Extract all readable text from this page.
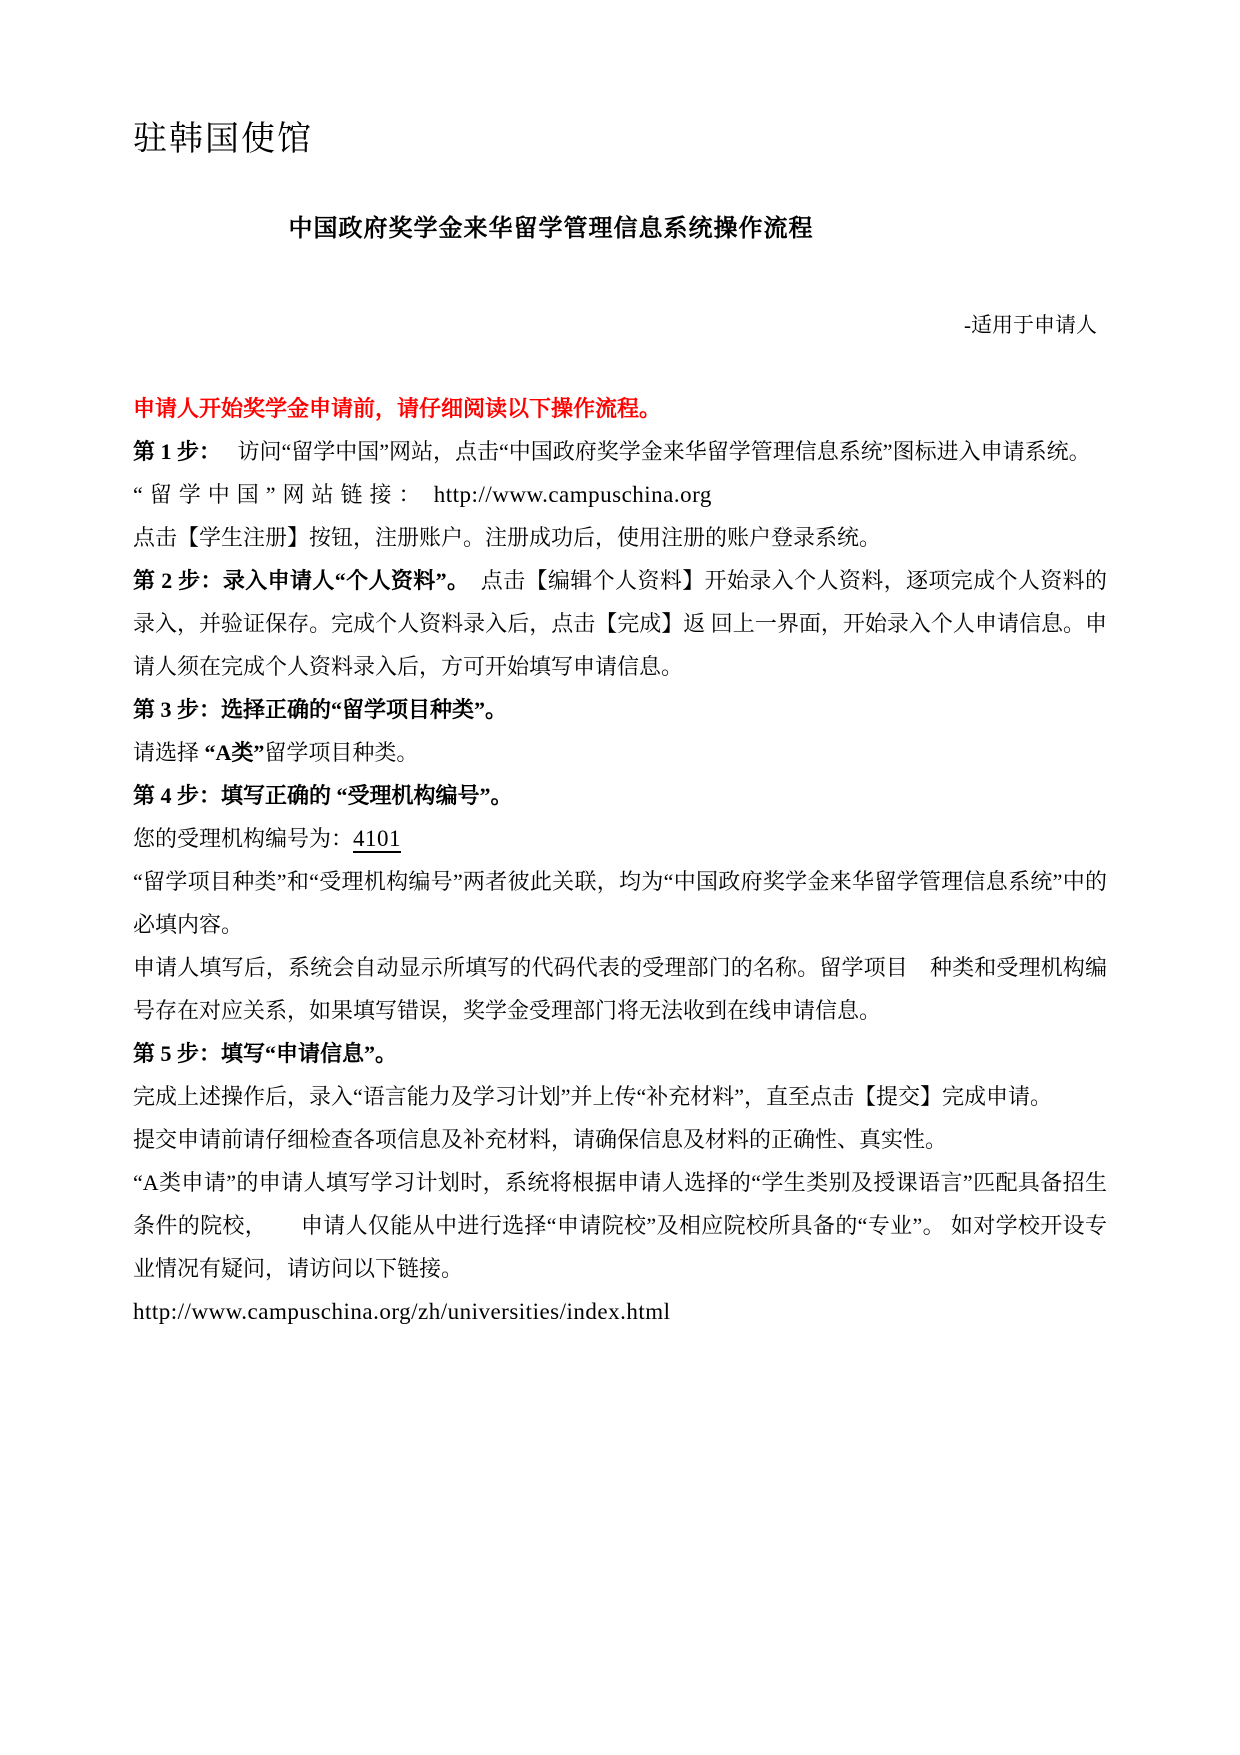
驻韩国使馆
中国政府奖学金来华留学管理信息系统操作流程
-适用于申请人
申请人开始奖学金申请前，请仔细阅读以下操作流程。

第 1 步：　 访问“留学中国”网站，点击“中国政府奖学金来华留学管理信息系统”图标进入申请系统。

“留学中国”网站链接： http://www.campuschina.org

点击【学生注册】按钮，注册账户。注册成功后，使用注册的账户登录系统。

第 2 步：录入申请人“个人资料”。　点击【编辑个人资料】开始录入个人资料，逐项完成个人资料的录入，并验证保存。完成个人资料录入后，点击【完成】返 回上一界面，开始录入个人申请信息。申请人须在完成个人资料录入后，方可开始填写申请信息。

第 3 步：选择正确的“留学项目种类”。

请选择 “A类”留学项目种类。

第 4 步：填写正确的 “受理机构编号”。

您的受理机构编号为：4101

“留学项目种类”和“受理机构编号”两者彼此关联，均为“中国政府奖学金来华留学管理信息系统”中的必填内容。

申请人填写后，系统会自动显示所填写的代码代表的受理部门的名称。留学项目　种类和受理机构编号存在对应关系，如果填写错误，奖学金受理部门将无法收到在线申请信息。

第 5 步：填写“申请信息”。

完成上述操作后，录入“语言能力及学习计划”并上传“补充材料”，直至点击【提交】完成申请。

提交申请前请仔细检查各项信息及补充材料，请确保信息及材料的正确性、真实性。

“A类申请”的申请人填写学习计划时，系统将根据申请人选择的“学生类别及授课语言”匹配具备招生条件的院校，　　申请人仅能从中进行选择“申请院校”及相应院校所具备的“专业”。 如对学校开设专业情况有疑问，请访问以下链接。

http://www.campuschina.org/zh/universities/index.html
